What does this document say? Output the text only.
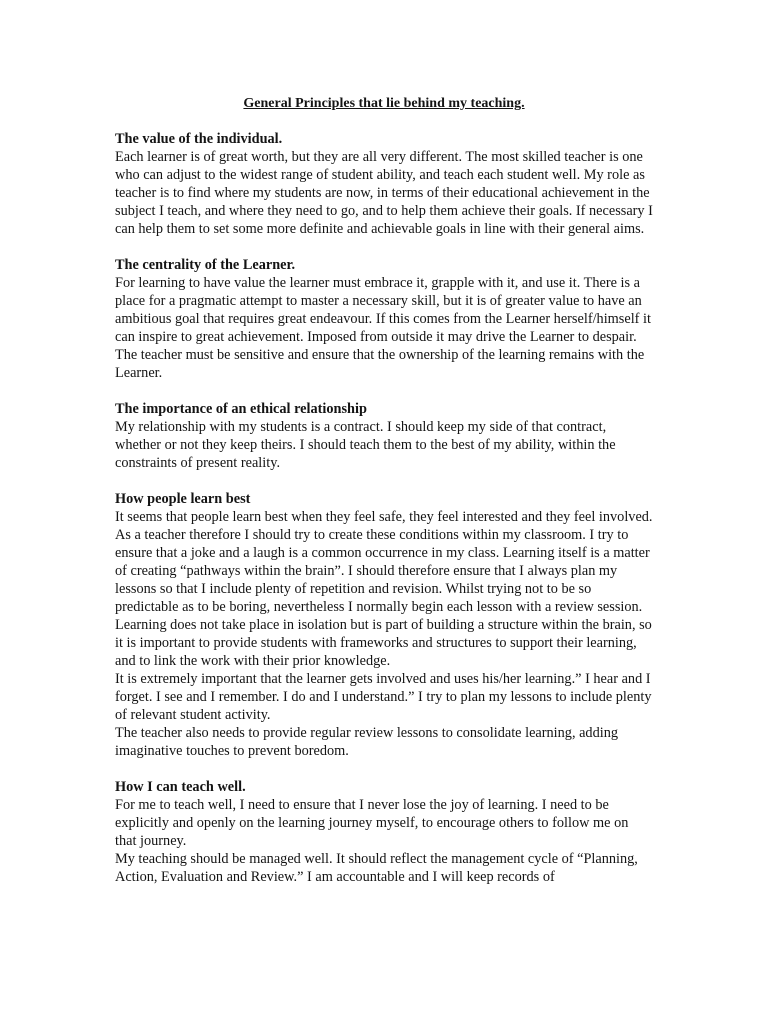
General Principles that lie behind my teaching.
The value of the individual.

Each learner is of great worth, but they are all very different. The most skilled teacher is one who can adjust to the widest range of student ability, and teach each student well. My role as teacher is to find where my students are now, in terms of their educational achievement in the subject I teach, and where they need to go, and to help them achieve their goals. If necessary I can help them to set some more definite and achievable goals in line with their general aims.

The centrality of the Learner.

For learning to have value the learner must embrace it, grapple with it, and use it. There is a place for a pragmatic attempt to master a necessary skill, but it is of greater value to have an ambitious goal that requires great endeavour. If this comes from the Learner herself/himself it can inspire to great achievement. Imposed from outside it may drive the Learner to despair. The teacher must be sensitive and ensure that the ownership of the learning remains with the Learner.

The importance of an ethical relationship

My relationship with my students is a contract. I should keep my side of that contract, whether or not they keep theirs. I should teach them to the best of my ability, within the constraints of present reality.

How people learn best

It seems that people learn best when they feel safe, they feel interested and they feel involved. As a teacher therefore I should try to create these conditions within my classroom. I try to ensure that a joke and a laugh is a common occurrence in my class. Learning itself is a matter of creating “pathways within the brain”. I should therefore ensure that I always plan my lessons so that I include plenty of repetition and revision. Whilst trying not to be so predictable as to be boring, nevertheless I normally begin each lesson with a review session.

Learning does not take place in isolation but is part of building a structure within the brain, so it is important to provide students with frameworks and structures to support their learning, and to link the work with their prior knowledge.

It is extremely important that the learner gets involved and uses his/her learning.” I hear and I forget. I see and I remember. I do and I understand.” I try to plan my lessons to include plenty of relevant student activity.

The teacher also needs to provide regular review lessons to consolidate learning, adding imaginative touches to prevent boredom.

How I can teach well.

For me to teach well, I need to ensure that I never lose the joy of learning. I need to be explicitly and openly on the learning journey myself, to encourage others to follow me on that journey.

My teaching should be managed well. It should reflect the management cycle of “Planning, Action, Evaluation and Review.” I am accountable and I will keep records of
